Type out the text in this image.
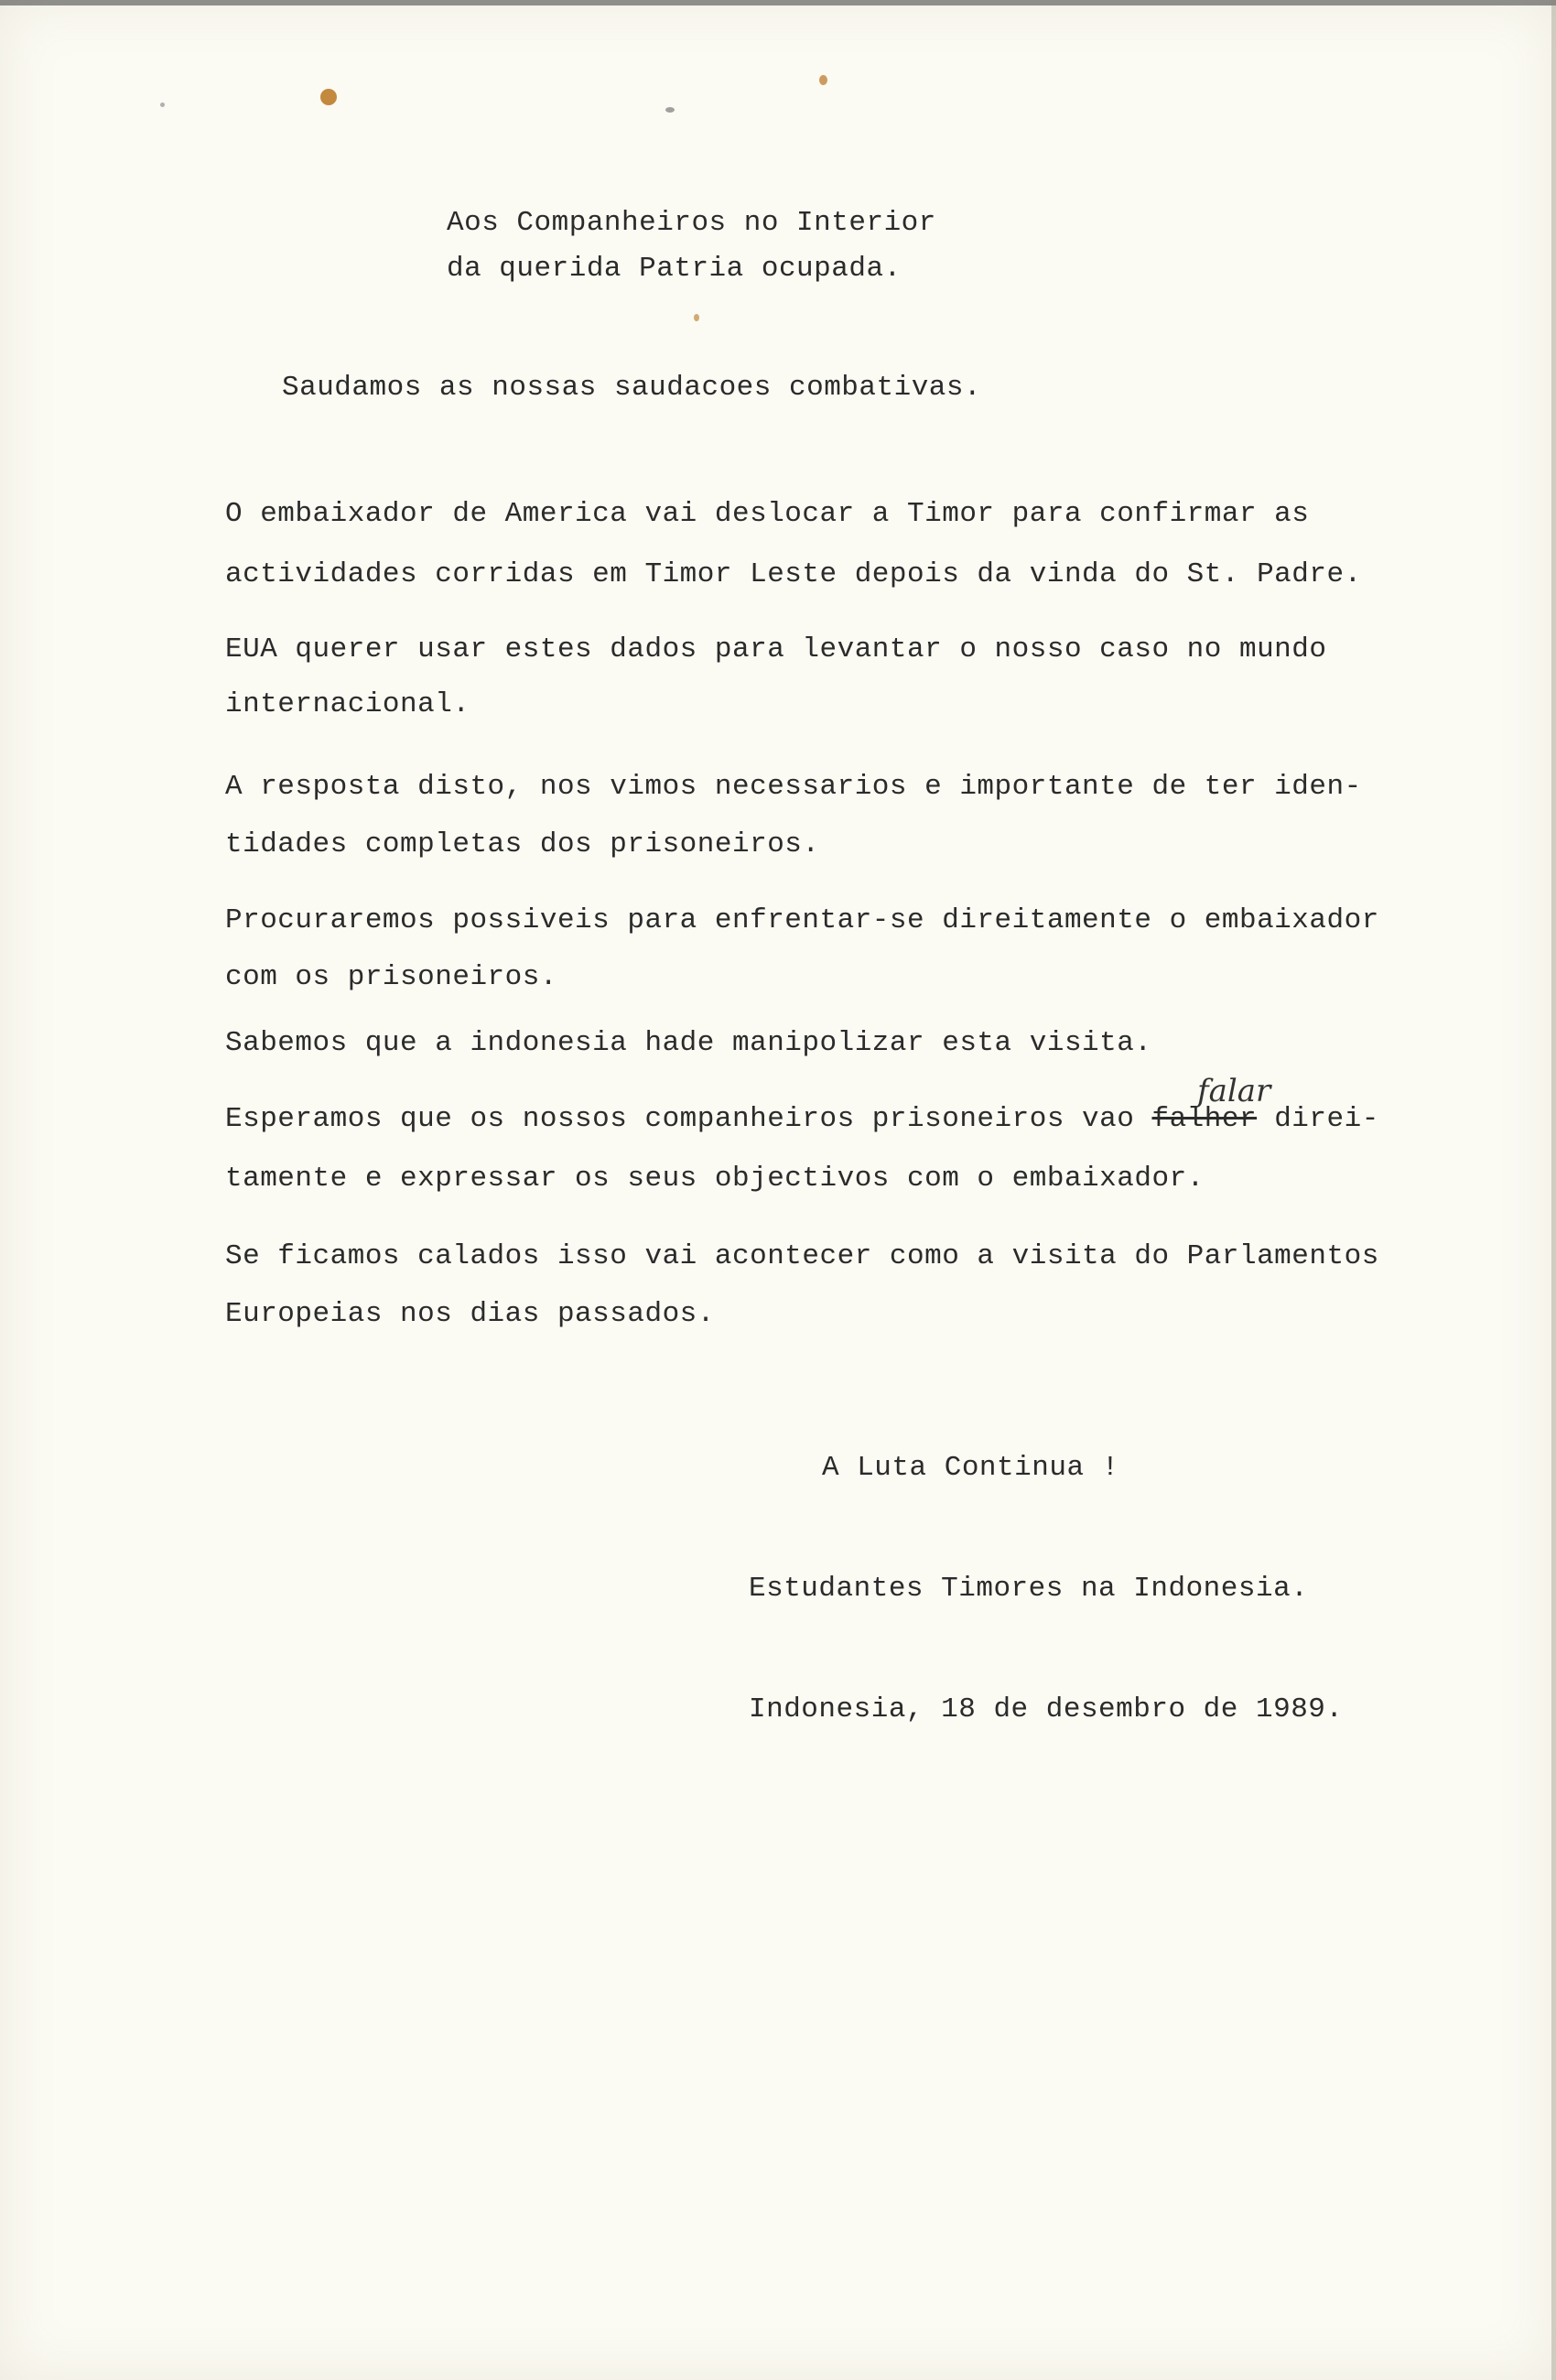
Aos Companheiros no Interior
da querida Patria ocupada.
Saudamos as nossas saudacoes combativas.
O embaixador de America vai deslocar a Timor para confirmar as
actividades corridas em Timor Leste depois da vinda do St. Padre.
EUA querer usar estes dados para levantar o nosso caso no mundo
internacional.
A resposta disto, nos vimos necessarios e importante de ter iden-
tidades completas dos prisoneiros.
Procuraremos possiveis para enfrentar-se direitamente o embaixador
com os prisoneiros.
Sabemos que a indonesia hade manipolizar esta visita.
Esperamos que os nossos companheiros prisoneiros vao falher direi-
falar
tamente e expressar os seus objectivos com o embaixador.
Se ficamos calados isso vai acontecer como a visita do Parlamentos
Europeias nos dias passados.
A Luta Continua !
Estudantes Timores na Indonesia.
Indonesia, 18 de desembro de 1989.
